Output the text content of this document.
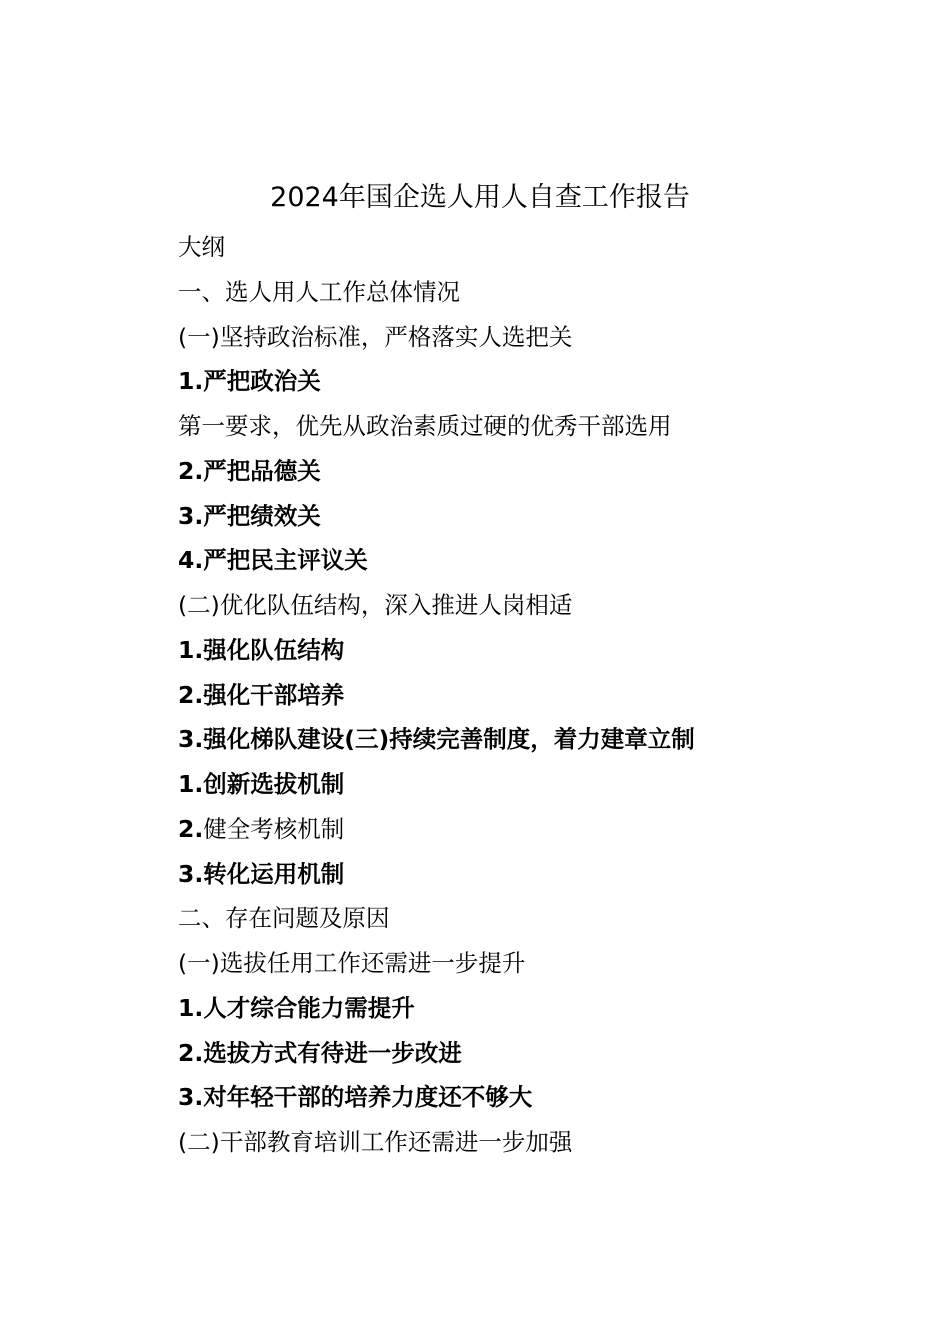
2024年国企选人用人自查工作报告
大纲
一、选人用人工作总体情况
(一)坚持政治标准，严格落实人选把关
1.严把政治关
第一要求，优先从政治素质过硬的优秀干部选用
2.严把品德关
3.严把绩效关
4.严把民主评议关
(二)优化队伍结构，深入推进人岗相适
1.强化队伍结构
2.强化干部培养
3.强化梯队建设(三)持续完善制度，着力建章立制
1.创新选拔机制
2.健全考核机制
3.转化运用机制
二、存在问题及原因
(一)选拔任用工作还需进一步提升
1.人才综合能力需提升
2.选拔方式有待进一步改进
3.对年轻干部的培养力度还不够大
(二)干部教育培训工作还需进一步加强
